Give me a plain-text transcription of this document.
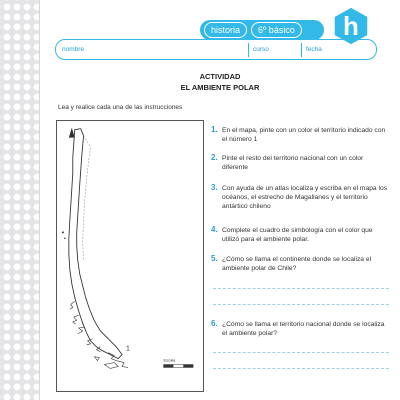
historia	6º básico h
nombre	curso	fecha
ACTIVIDAD
EL AMBIENTE POLAR
Lea y realice cada una de las instrucciones
1
Escala
1. En el mapa, pinte con un color el territorio indicado con el número 1
2. Pinte el resto del territorio nacional con un color diferente
3. Con ayuda de un atlas localiza y escriba en el mapa los océanos, el estrecho de Magallanes y el territorio antártico chileno
4. Complete el cuadro de simbología con el color que utilizó para el ambiente polar.
5. ¿Cómo se llama el continente donde se localiza el ambiente polar de Chile?
6. ¿Cómo se llama el territorio nacional donde se localiza el ambiente polar?
